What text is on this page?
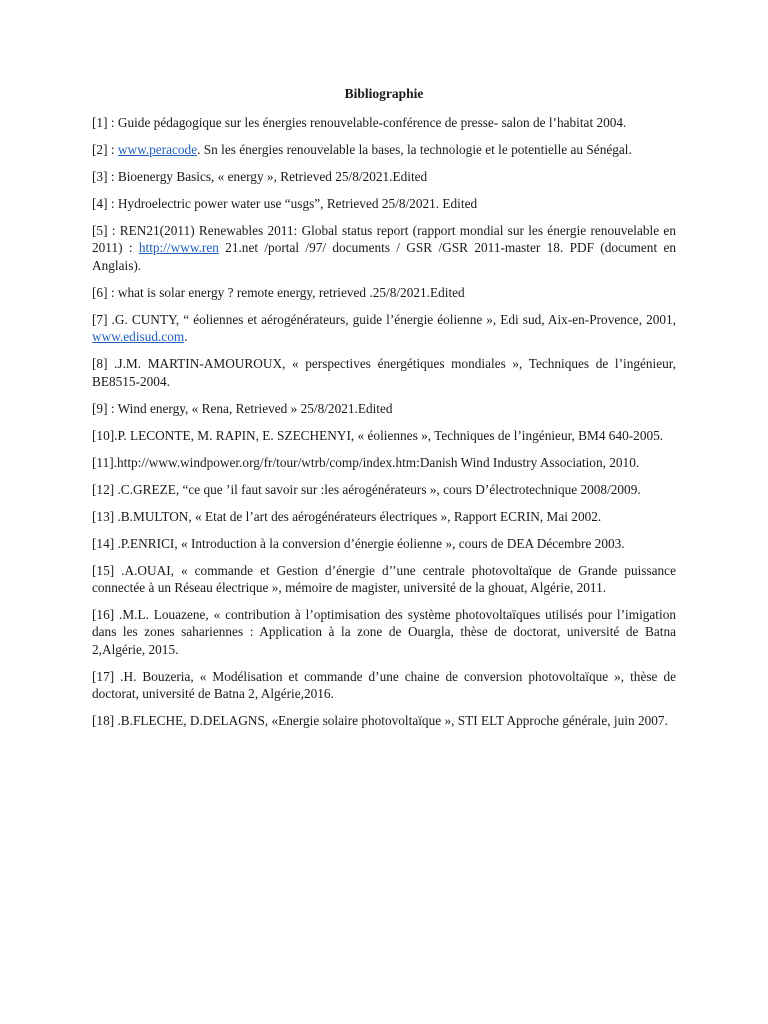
Bibliographie
[1] : Guide pédagogique sur les énergies renouvelable-conférence de presse- salon de l’habitat 2004.
[2] : www.peracode. Sn les énergies renouvelable la bases, la technologie et le potentielle au Sénégal.
[3] : Bioenergy Basics, « energy », Retrieved 25/8/2021.Edited
[4] : Hydroelectric power water use “usgs”, Retrieved 25/8/2021. Edited
[5] : REN21(2011) Renewables 2011: Global status report (rapport mondial sur les énergie renouvelable en 2011) : http://www.ren 21.net /portal /97/ documents / GSR /GSR 2011-master 18. PDF (document en Anglais).
[6] : what is solar energy ? remote energy, retrieved .25/8/2021.Edited
[7] .G. CUNTY, “ éoliennes et aérogénérateurs, guide l’énergie éolienne », Edi sud, Aix-en-Provence, 2001, www.edisud.com.
[8] .J.M. MARTIN-AMOUROUX, « perspectives énergétiques mondiales », Techniques de l’ingénieur, BE8515-2004.
[9] : Wind energy, « Rena, Retrieved » 25/8/2021.Edited
[10].P. LECONTE, M. RAPIN, E. SZECHENYI, « éoliennes », Techniques de l’ingénieur, BM4 640-2005.
[11].http://www.windpower.org/fr/tour/wtrb/comp/index.htm:Danish Wind Industry Association, 2010.
[12] .C.GREZE, “ce que ’il faut savoir sur :les aérogénérateurs », cours D’électrotechnique 2008/2009.
[13] .B.MULTON, « Etat de l’art des aérogénérateurs électriques », Rapport ECRIN, Mai 2002.
[14] .P.ENRICI, « Introduction à la conversion d’énergie éolienne », cours de DEA Décembre 2003.
[15] .A.OUAI, « commande et Gestion d’énergie d’’une centrale photovoltaïque de Grande puissance connectée à un Réseau électrique », mémoire de magister, université de la ghouat, Algérie, 2011.
[16] .M.L. Louazene, « contribution à l’optimisation des système photovoltaïques utilisés pour l’imigation dans les zones sahariennes : Application à la zone de Ouargla, thèse de doctorat, université de Batna 2,Algérie, 2015.
[17] .H. Bouzeria, « Modélisation et commande d’une chaine de conversion photovoltaïque », thèse de doctorat, université de Batna 2, Algérie,2016.
[18] .B.FLECHE, D.DELAGNS, «Energie solaire photovoltaïque », STI ELT Approche générale, juin 2007.
